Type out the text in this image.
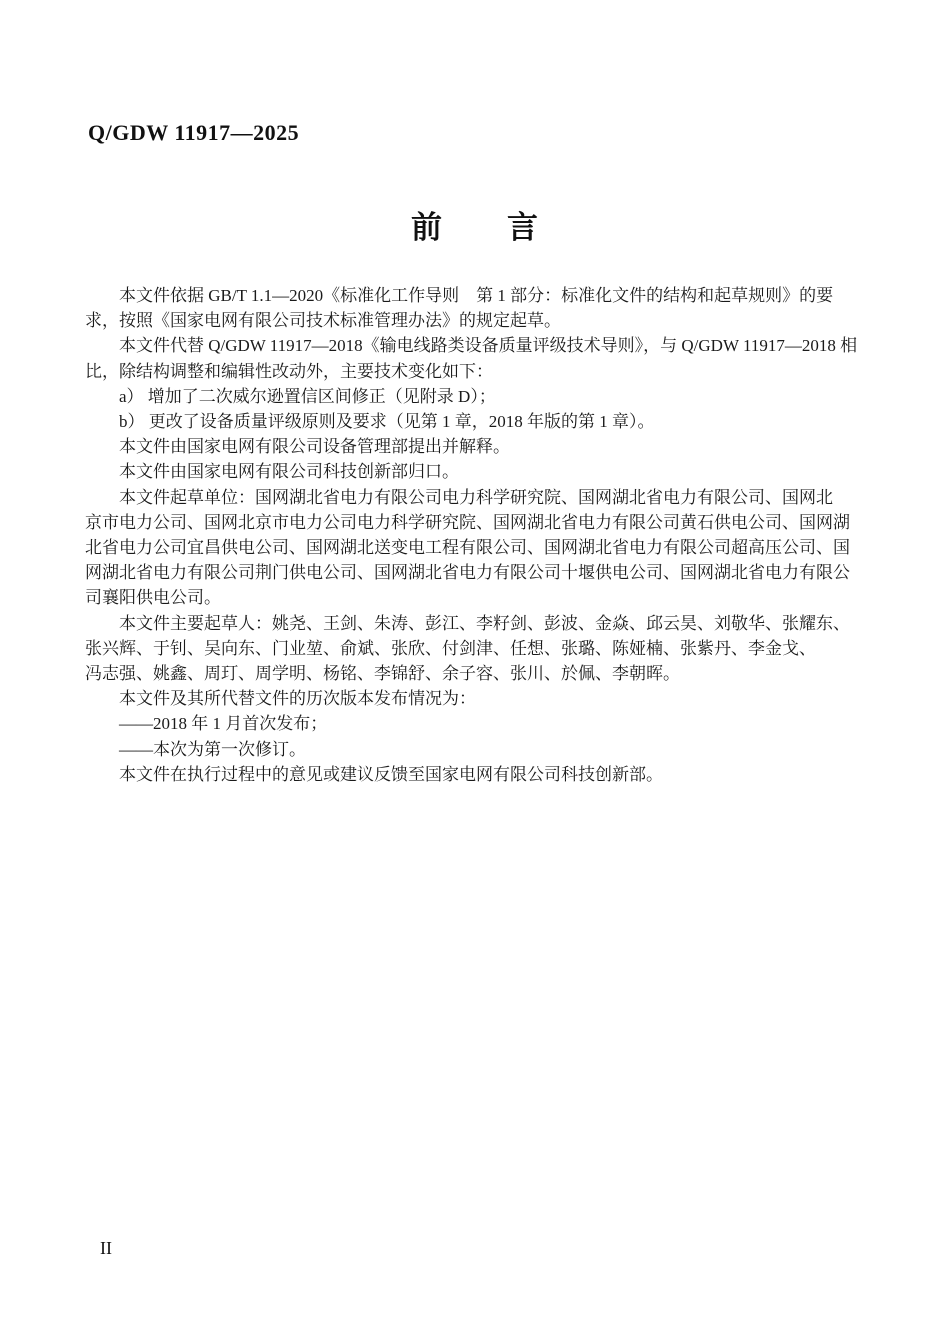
Q/GDW 11917—2025
前　　言
　　本文件依据 GB/T 1.1—2020《标准化工作导则　第 1 部分：标准化文件的结构和起草规则》的要
求，按照《国家电网有限公司技术标准管理办法》的规定起草。
　　本文件代替 Q/GDW 11917—2018《输电线路类设备质量评级技术导则》，与 Q/GDW 11917—2018 相
比，除结构调整和编辑性改动外，主要技术变化如下：
　　a） 增加了二次威尔逊置信区间修正（见附录 D）；
　　b） 更改了设备质量评级原则及要求（见第 1 章，2018 年版的第 1 章）。
　　本文件由国家电网有限公司设备管理部提出并解释。
　　本文件由国家电网有限公司科技创新部归口。
　　本文件起草单位：国网湖北省电力有限公司电力科学研究院、国网湖北省电力有限公司、国网北
京市电力公司、国网北京市电力公司电力科学研究院、国网湖北省电力有限公司黄石供电公司、国网湖
北省电力公司宜昌供电公司、国网湖北送变电工程有限公司、国网湖北省电力有限公司超高压公司、国
网湖北省电力有限公司荆门供电公司、国网湖北省电力有限公司十堰供电公司、国网湖北省电力有限公
司襄阳供电公司。
　　本文件主要起草人：姚尧、王剑、朱涛、彭江、李籽剑、彭波、金焱、邱云昊、刘敬华、张耀东、
张兴辉、于钊、吴向东、门业堃、俞斌、张欣、付剑津、任想、张璐、陈娅楠、张紫丹、李金戈、
冯志强、姚鑫、周玎、周学明、杨铭、李锦舒、余子容、张川、於佩、李朝晖。
　　本文件及其所代替文件的历次版本发布情况为：
　　——2018 年 1 月首次发布；
　　——本次为第一次修订。
　　本文件在执行过程中的意见或建议反馈至国家电网有限公司科技创新部。
II
